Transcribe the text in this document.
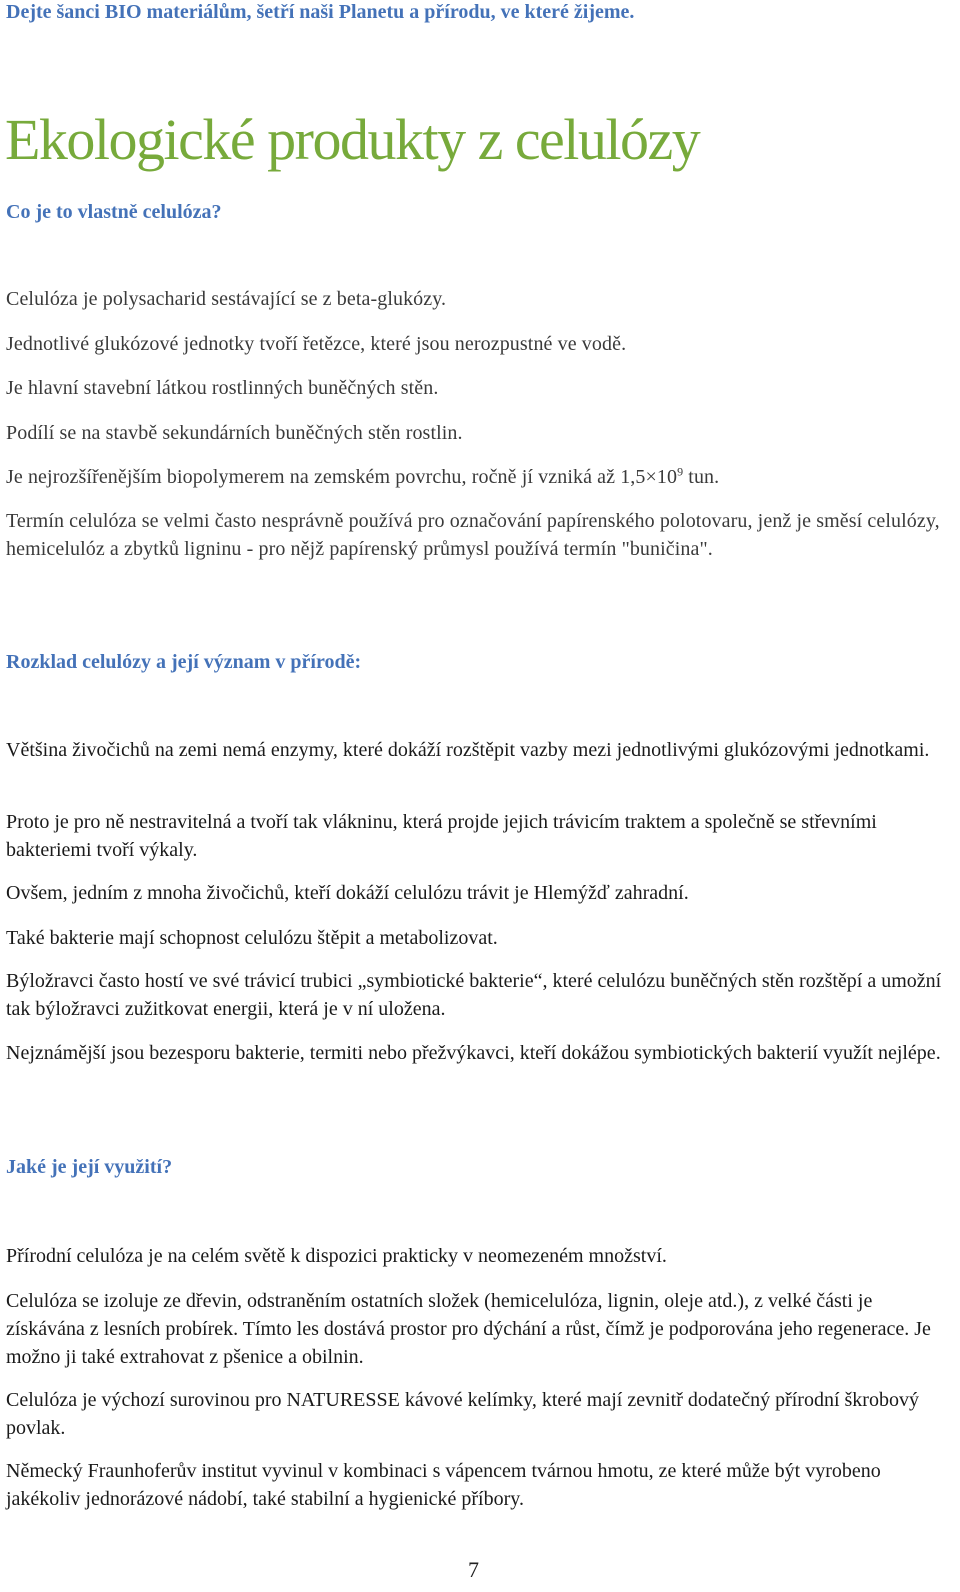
Dejte šanci BIO materiálům, šetří naši Planetu a přírodu, ve které žijeme.
Ekologické produkty z celulózy
Co je to vlastně celulóza?
Celulóza je polysacharid sestávající se z beta-glukózy.
Jednotlivé glukózové jednotky tvoří řetězce, které jsou nerozpustné ve vodě.
Je hlavní stavební látkou rostlinných buněčných stěn.
Podílí se na stavbě sekundárních buněčných stěn rostlin.
Je nejrozšířenějším biopolymerem na zemském povrchu, ročně jí vzniká až $1,5\times 10^9$ tun.
Termín celulóza se velmi často nesprávně používá pro označování papírenského polotovaru, jenž je směsí celulózy, hemicelulóz a zbytků ligninu - pro nějž papírenský průmysl používá termín "buničina".
Rozklad celulózy a její význam v přírodě:
Většina živočichů na zemi nemá enzymy, které dokáží rozštěpit vazby mezi jednotlivými glukózovými jednotkami.
Proto je pro ně nestravitelná a tvoří tak vlákninu, která projde jejich trávicím traktem a společně se střevními bakteriemi tvoří výkaly.
Ovšem, jedním z mnoha živočichů, kteří dokáží celulózu trávit je Hlemýžď zahradní.
Také bakterie mají schopnost celulózu štěpit a metabolizovat.
Býložravci často hostí ve své trávicí trubici „symbiotické bakterie“, které celulózu buněčných stěn rozštěpí a umožní tak býložravci zužitkovat energii, která je v ní uložena.
Nejznámější jsou bezesporu bakterie, termiti nebo přežvýkavci, kteří dokážou symbiotických bakterií využít nejlépe.
Jaké je její využití?
Přírodní celulóza je na celém světě k dispozici prakticky v neomezeném množství.
Celulóza se izoluje ze dřevin, odstraněním ostatních složek (hemicelulóza, lignin, oleje atd.), z velké části je získávána z lesních probírek. Tímto les dostává prostor pro dýchání a růst, čímž je podporována jeho regenerace. Je možno ji také extrahovat z pšenice a obilnin.
Celulóza je výchozí surovinou pro NATURESSE kávové kelímky, které mají zevnitř dodatečný přírodní škrobový povlak.
Německý Fraunhoferův institut vyvinul v kombinaci s vápencem tvárnou hmotu, ze které může být vyrobeno jakékoliv jednorázové nádobí, také stabilní a hygienické příbory.
7
